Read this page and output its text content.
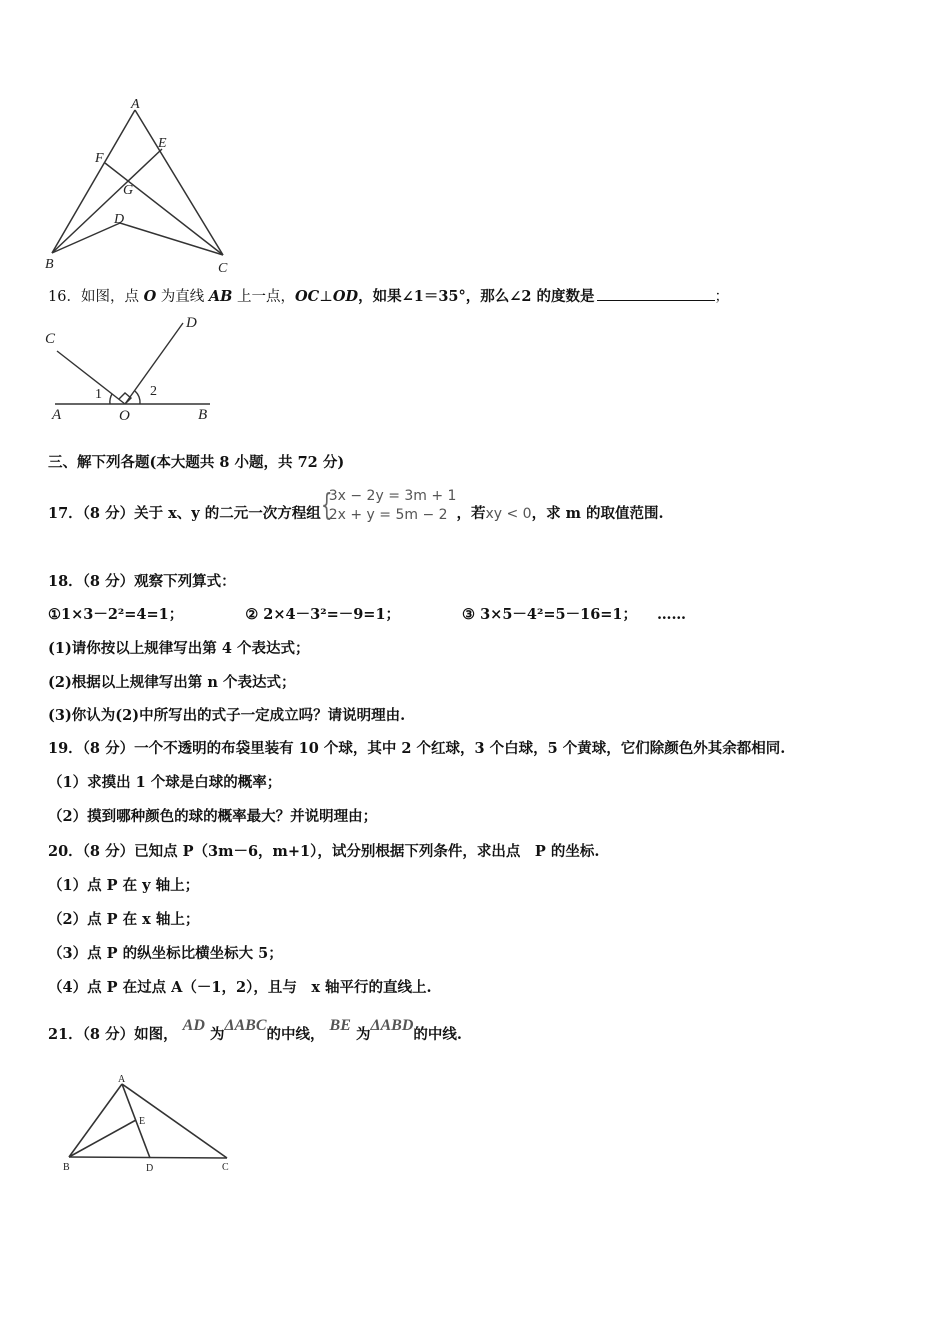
A
E
F
G
D
B	C
16．如图，点 O 为直线 AB 上一点，OC⊥OD，如果∠1＝35°，那么∠2 的度数是	；
C
D
1	2
A	O	B
三、解下列各题(本大题共 8 小题，共 72 分)
17．（8 分）关于 x、y 的二元一次方程组 {
3x − 2y = 3m + 1
2x + y = 5m − 2 ，若xy < 0，求 m 的取值范围.
18．（8 分）观察下列算式：
①1×3－2²=4=1；	② 2×4－3²=－9=1；	③ 3×5－4²=5－16=1； ……
(1)请你按以上规律写出第 4 个表达式；
(2)根据以上规律写出第 n 个表达式；
(3)你认为(2)中所写出的式子一定成立吗？请说明理由.
19．（8 分）一个不透明的布袋里装有 10 个球，其中 2 个红球，3 个白球，5 个黄球，它们除颜色外其余都相同.
（1）求摸出 1 个球是白球的概率；
（2）摸到哪种颜色的球的概率最大？并说明理由；
20．（8 分）已知点 P（3m－6，m+1），试分别根据下列条件，求出点　P 的坐标.
（1）点 P 在 y 轴上；
（2）点 P 在 x 轴上；
（3）点 P 的纵坐标比横坐标大 5；
（4）点 P 在过点 A（－1，2），且与　x 轴平行的直线上.
21．（8 分）如图， AD 为ΔABC的中线， BE 为ΔABD的中线.
A
E
B	D	C
